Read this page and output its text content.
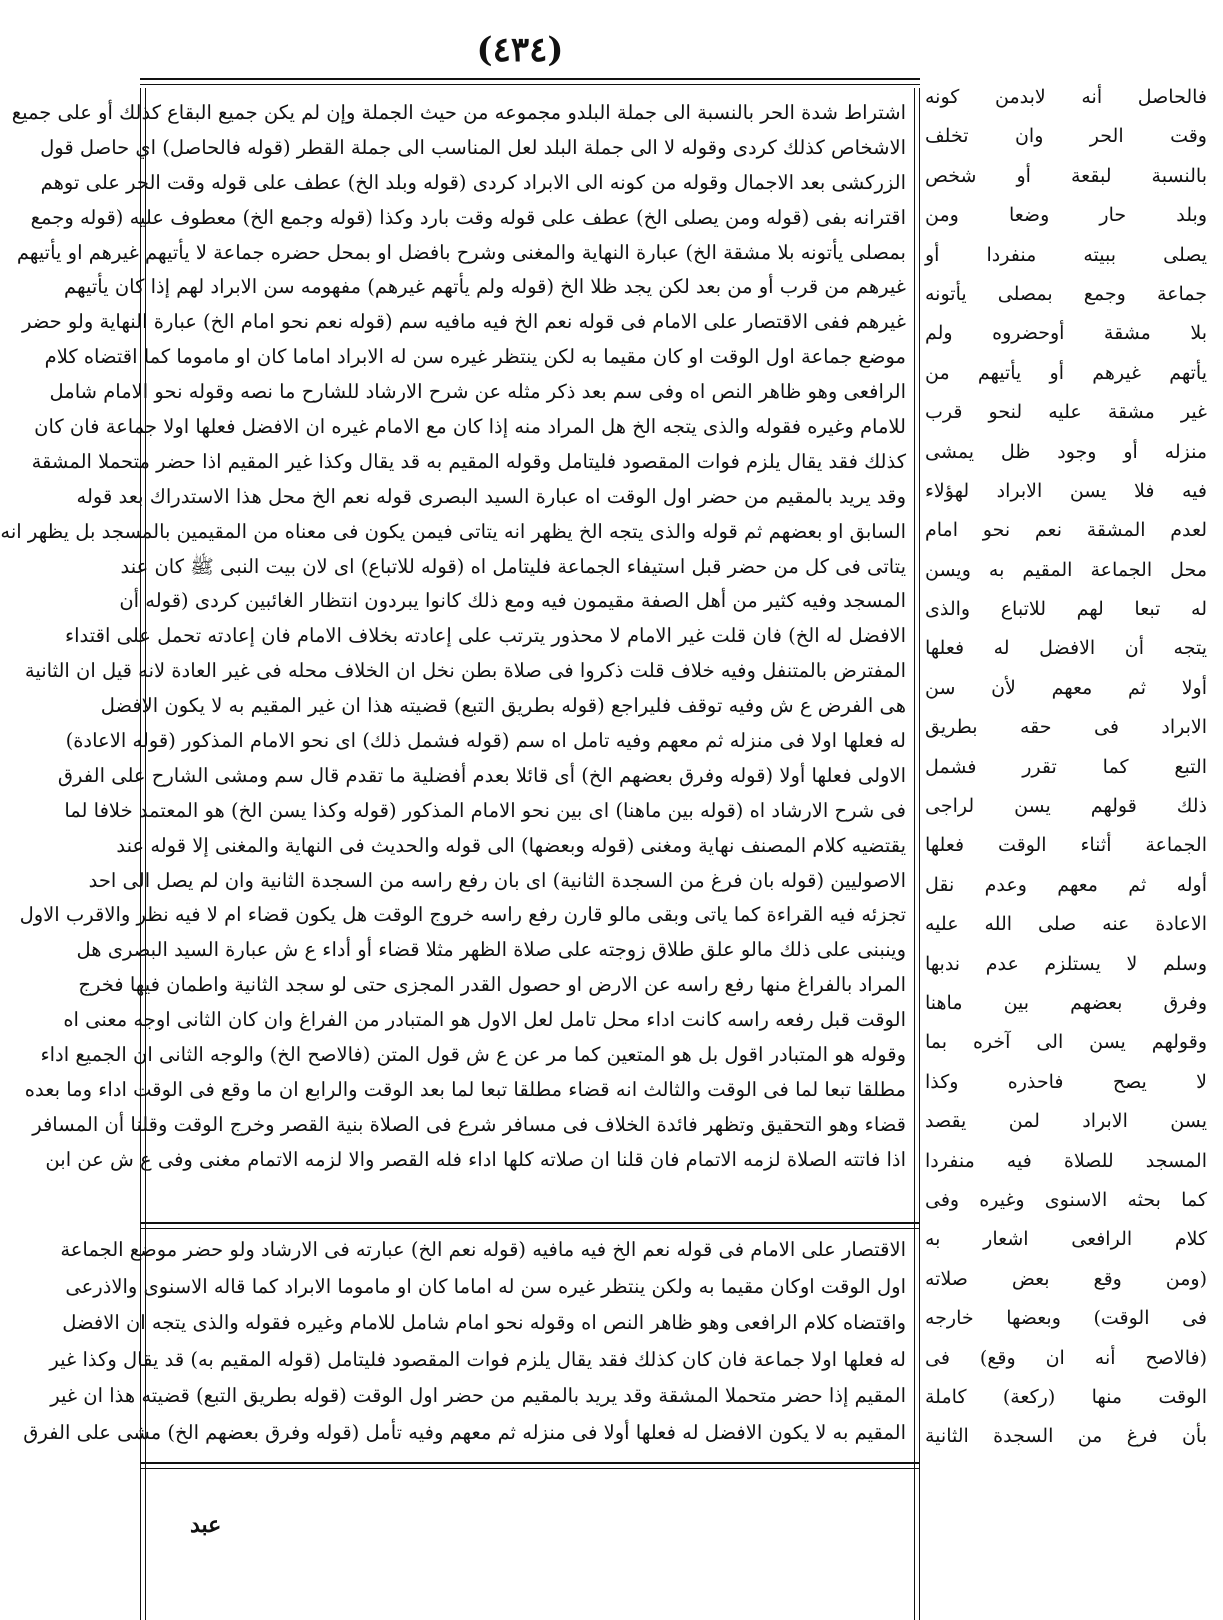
(٤٣٤)
اشتراط شدة الحر بالنسبة الى جملة البلدو مجموعه من حيث الجملة وإن لم يكن جميع البقاع كذلك أو على جميع
الاشخاص كذلك كردى وقوله لا الى جملة البلد لعل المناسب الى جملة القطر (قوله فالحاصل) اي حاصل قول
الزركشى بعد الاجمال وقوله من كونه الى الابراد كردى (قوله وبلد الخ) عطف على قوله وقت الحر على توهم
اقترانه بفى (قوله ومن يصلى الخ) عطف على قوله وقت بارد وكذا (قوله وجمع الخ) معطوف عليه (قوله وجمع
بمصلى يأتونه بلا مشقة الخ) عبارة النهاية والمغنى وشرح بافضل او بمحل حضره جماعة لا يأتيهم غيرهم او يأتيهم
غيرهم من قرب أو من بعد لكن يجد ظلا الخ (قوله ولم يأتهم غيرهم) مفهومه سن الابراد لهم إذا كان يأتيهم
غيرهم ففى الاقتصار على الامام فى قوله نعم الخ فيه مافيه سم (قوله نعم نحو امام الخ) عبارة النهاية ولو حضر
موضع جماعة اول الوقت او كان مقيما به لكن ينتظر غيره سن له الابراد اماما كان او ماموما كما اقتضاه كلام
الرافعى وهو ظاهر النص اه وفى سم بعد ذكر مثله عن شرح الارشاد للشارح ما نصه وقوله نحو الامام شامل
للامام وغيره فقوله والذى يتجه الخ هل المراد منه إذا كان مع الامام غيره ان الافضل فعلها اولا جماعة فان كان
كذلك فقد يقال يلزم فوات المقصود فليتامل وقوله المقيم به قد يقال وكذا غير المقيم اذا حضر متحملا المشقة
وقد يريد بالمقيم من حضر اول الوقت اه عبارة السيد البصرى قوله نعم الخ محل هذا الاستدراك بعد قوله
السابق او بعضهم ثم قوله والذى يتجه الخ يظهر انه يتاتى فيمن يكون فى معناه من المقيمين بالمسجد بل يظهر انه
يتاتى فى كل من حضر قبل استيفاء الجماعة فليتامل اه (قوله للاتباع) اى لان بيت النبى ﷺ كان عند
المسجد وفيه كثير من أهل الصفة مقيمون فيه ومع ذلك كانوا يبردون انتظار الغائبين كردى (قوله أن
الافضل له الخ) فان قلت غير الامام لا محذور يترتب على إعادته بخلاف الامام فان إعادته تحمل على اقتداء
المفترض بالمتنفل وفيه خلاف قلت ذكروا فى صلاة بطن نخل ان الخلاف محله فى غير العادة لانه قيل ان الثانية
هى الفرض ع ش وفيه توقف فليراجع (قوله بطريق التبع) قضيته هذا ان غير المقيم به لا يكون الافضل
له فعلها اولا فى منزله ثم معهم وفيه تامل اه سم (قوله فشمل ذلك) اى نحو الامام المذكور (قوله الاعادة)
الاولى فعلها أولا (قوله وفرق بعضهم الخ) أى قائلا بعدم أفضلية ما تقدم قال سم ومشى الشارح على الفرق
فى شرح الارشاد اه (قوله بين ماهنا) اى بين نحو الامام المذكور (قوله وكذا يسن الخ) هو المعتمد خلافا لما
يقتضيه كلام المصنف نهاية ومغنى (قوله وبعضها) الى قوله والحديث فى النهاية والمغنى إلا قوله عند
الاصوليين (قوله بان فرغ من السجدة الثانية) اى بان رفع راسه من السجدة الثانية وان لم يصل الى احد
تجزئه فيه القراءة كما ياتى وبقى مالو قارن رفع راسه خروج الوقت هل يكون قضاء ام لا فيه نظر والاقرب الاول
وينبنى على ذلك مالو علق طلاق زوجته على صلاة الظهر مثلا قضاء أو أداء ع ش عبارة السيد البصرى هل
المراد بالفراغ منها رفع راسه عن الارض او حصول القدر المجزى حتى لو سجد الثانية واطمان فيها فخرج
الوقت قبل رفعه راسه كانت اداء محل تامل لعل الاول هو المتبادر من الفراغ وان كان الثانى اوجه معنى اه
وقوله هو المتبادر اقول بل هو المتعين كما مر عن ع ش قول المتن (فالاصح الخ) والوجه الثانى ان الجميع اداء
مطلقا تبعا لما فى الوقت والثالث انه قضاء مطلقا تبعا لما بعد الوقت والرابع ان ما وقع فى الوقت اداء وما بعده
قضاء وهو التحقيق وتظهر فائدة الخلاف فى مسافر شرع فى الصلاة بنية القصر وخرج الوقت وقلنا أن المسافر
اذا فاتته الصلاة لزمه الاتمام فان قلنا ان صلاته كلها اداء فله القصر والا لزمه الاتمام مغنى وفى ع ش عن ابن
الاقتصار على الامام فى قوله نعم الخ فيه مافيه (قوله نعم الخ) عبارته فى الارشاد ولو حضر موضع الجماعة
اول الوقت اوكان مقيما به ولكن ينتظر غيره سن له اماما كان او ماموما الابراد كما قاله الاسنوى والاذرعى
واقتضاه كلام الرافعى وهو ظاهر النص اه وقوله نحو امام شامل للامام وغيره فقوله والذى يتجه ان الافضل
له فعلها اولا جماعة فان كان كذلك فقد يقال يلزم فوات المقصود فليتامل (قوله المقيم به) قد يقال وكذا غير
المقيم إذا حضر متحملا المشقة وقد يريد بالمقيم من حضر اول الوقت (قوله بطريق التبع) قضيته هذا ان غير
المقيم به لا يكون الافضل له فعلها أولا فى منزله ثم معهم وفيه تأمل (قوله وفرق بعضهم الخ) مشى على الفرق
فالحاصل أنه لابدمن كونه
وقت الحر وان تخلف
بالنسبة لبقعة أو شخص
وبلد حار وضعا ومن
يصلى ببيته منفردا أو
جماعة وجمع بمصلى يأتونه
بلا مشقة أوحضروه ولم
يأتهم غيرهم أو يأتيهم من
غير مشقة عليه لنحو قرب
منزله أو وجود ظل يمشى
فيه فلا يسن الابراد لهؤلاء
لعدم المشقة نعم نحو امام
محل الجماعة المقيم به ويسن
له تبعا لهم للاتباع والذى
يتجه أن الافضل له فعلها
أولا ثم معهم لأن سن
الابراد فى حقه بطريق
التبع كما تقرر فشمل
ذلك قولهم يسن لراجى
الجماعة أثناء الوقت فعلها
أوله ثم معهم وعدم نقل
الاعادة عنه صلى الله عليه
وسلم لا يستلزم عدم ندبها
وفرق بعضهم بين ماهنا
وقولهم يسن الى آخره بما
لا يصح فاحذره وكذا
يسن الابراد لمن يقصد
المسجد للصلاة فيه منفردا
كما بحثه الاسنوى وغيره وفى
كلام الرافعى اشعار به
(ومن وقع بعض صلاته
فى الوقت) وبعضها خارجه
(فالاصح أنه ان وقع) فى
الوقت منها (ركعة) كاملة
بأن فرغ من السجدة الثانية
عبد
